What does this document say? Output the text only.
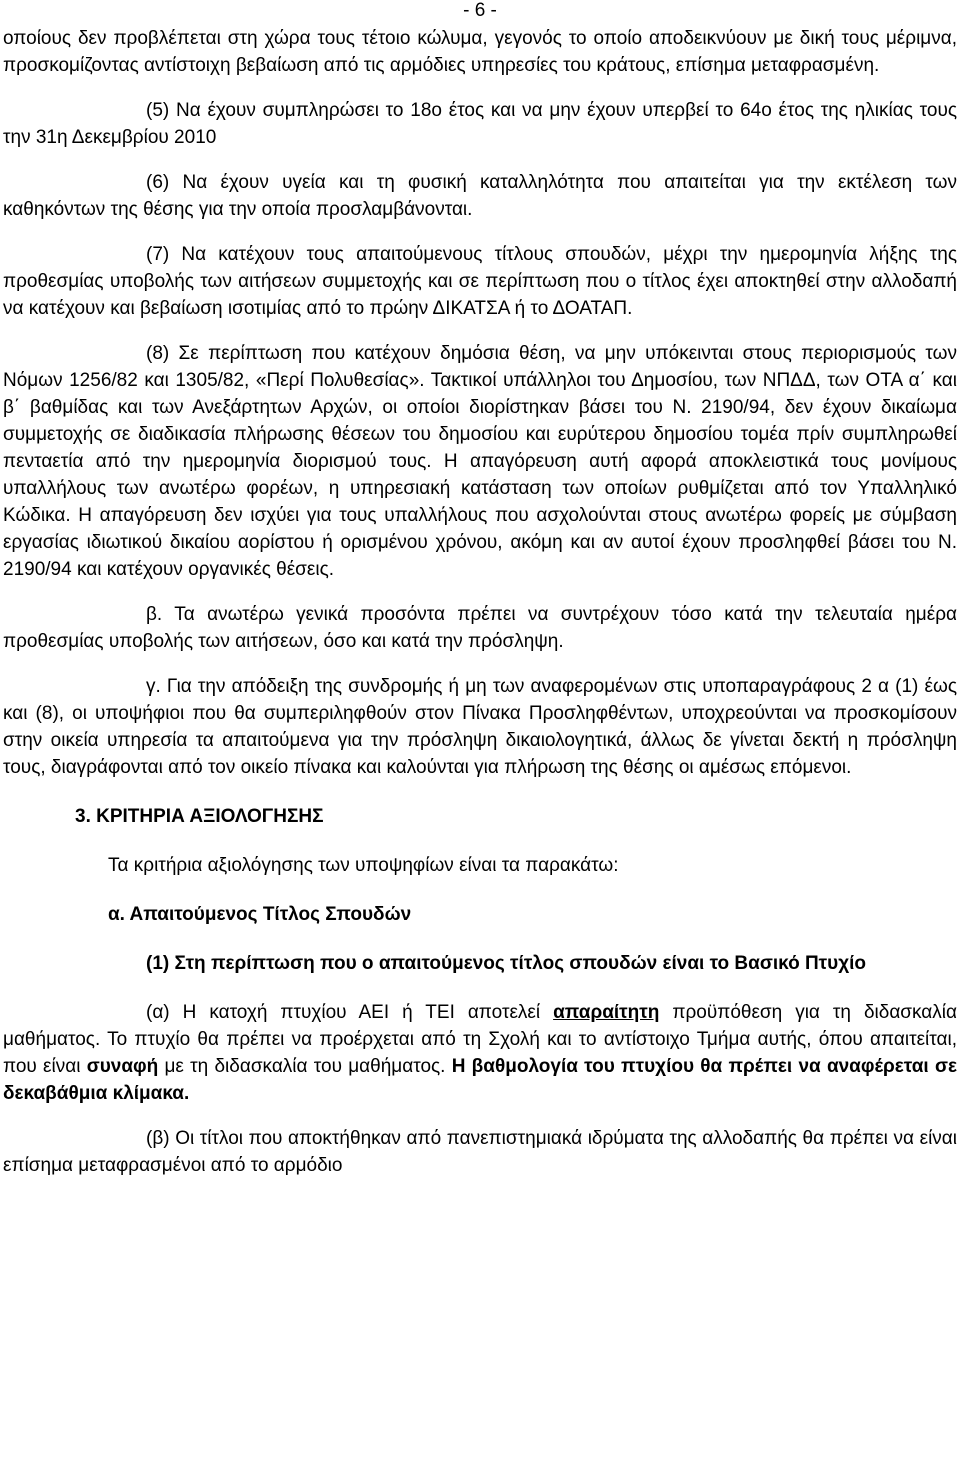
- 6 -

οποίους δεν προβλέπεται στη χώρα τους τέτοιο κώλυμα, γεγονός το οποίο αποδεικνύουν με δική τους μέριμνα, προσκομίζοντας αντίστοιχη βεβαίωση από τις αρμόδιες υπηρεσίες του κράτους, επίσημα μεταφρασμένη.

(5) Να έχουν συμπληρώσει το 18ο έτος και να μην έχουν υπερβεί το 64ο έτος της ηλικίας τους την 31η Δεκεμβρίου 2010

(6) Να έχουν υγεία και τη φυσική καταλληλότητα που απαιτείται για την εκτέλεση των καθηκόντων της θέσης για την οποία προσλαμβάνονται.

(7) Να κατέχουν τους απαιτούμενους τίτλους σπουδών, μέχρι την ημερομηνία λήξης της προθεσμίας υποβολής των αιτήσεων συμμετοχής και σε περίπτωση που ο τίτλος έχει αποκτηθεί στην αλλοδαπή να κατέχουν και βεβαίωση ισοτιμίας από το πρώην ΔΙΚΑΤΣΑ ή το ΔΟΑΤΑΠ.

(8) Σε περίπτωση που κατέχουν δημόσια θέση, να μην υπόκεινται στους περιορισμούς των Νόμων 1256/82 και 1305/82, «Περί Πολυθεσίας». Τακτικοί υπάλληλοι του Δημοσίου, των ΝΠΔΔ, των ΟΤΑ α΄ και β΄ βαθμίδας και των Ανεξάρτητων Αρχών, οι οποίοι διορίστηκαν βάσει του Ν. 2190/94, δεν έχουν δικαίωμα συμμετοχής σε διαδικασία πλήρωσης θέσεων του δημοσίου και ευρύτερου δημοσίου τομέα πρίν συμπληρωθεί πενταετία από την ημερομηνία διορισμού τους. Η απαγόρευση αυτή αφορά αποκλειστικά τους μονίμους υπαλλήλους των ανωτέρω φορέων, η υπηρεσιακή κατάσταση των οποίων ρυθμίζεται από τον Υπαλληλικό Κώδικα. Η απαγόρευση δεν ισχύει για τους υπαλλήλους που ασχολούνται στους ανωτέρω φορείς με σύμβαση εργασίας ιδιωτικού δικαίου αορίστου ή ορισμένου χρόνου, ακόμη και αν αυτοί έχουν προσληφθεί βάσει του Ν. 2190/94 και κατέχουν οργανικές θέσεις.

β. Τα ανωτέρω γενικά προσόντα πρέπει να συντρέχουν τόσο κατά την τελευταία ημέρα προθεσμίας υποβολής των αιτήσεων, όσο και κατά την πρόσληψη.

γ. Για την απόδειξη της συνδρομής ή μη των αναφερομένων στις υποπαραγράφους 2 α (1) έως και (8), οι υποψήφιοι που θα συμπεριληφθούν στον Πίνακα Προσληφθέντων, υποχρεούνται να προσκομίσουν στην οικεία υπηρεσία τα απαιτούμενα για την πρόσληψη δικαιολογητικά, άλλως δε γίνεται δεκτή η πρόσληψη τους, διαγράφονται από τον οικείο πίνακα και καλούνται για πλήρωση της θέσης οι αμέσως επόμενοι.

3. ΚΡΙΤΗΡΙΑ ΑΞΙΟΛΟΓΗΣΗΣ

Τα κριτήρια αξιολόγησης των υποψηφίων είναι τα παρακάτω:

α. Απαιτούμενος Τίτλος Σπουδών

(1) Στη περίπτωση που ο απαιτούμενος τίτλος σπουδών είναι το Βασικό Πτυχίο

(α) Η κατοχή πτυχίου ΑΕΙ ή ΤΕΙ αποτελεί απαραίτητη προϋπόθεση για τη διδασκαλία μαθήματος. Το πτυχίο θα πρέπει να προέρχεται από τη Σχολή και το αντίστοιχο Τμήμα αυτής, όπου απαιτείται, που είναι συναφή με τη διδασκαλία του μαθήματος. Η βαθμολογία του πτυχίου θα πρέπει να αναφέρεται σε δεκαβάθμια κλίμακα.

(β) Οι τίτλοι που αποκτήθηκαν από πανεπιστημιακά ιδρύματα της αλλοδαπής θα πρέπει να είναι επίσημα μεταφρασμένοι από το αρμόδιο
